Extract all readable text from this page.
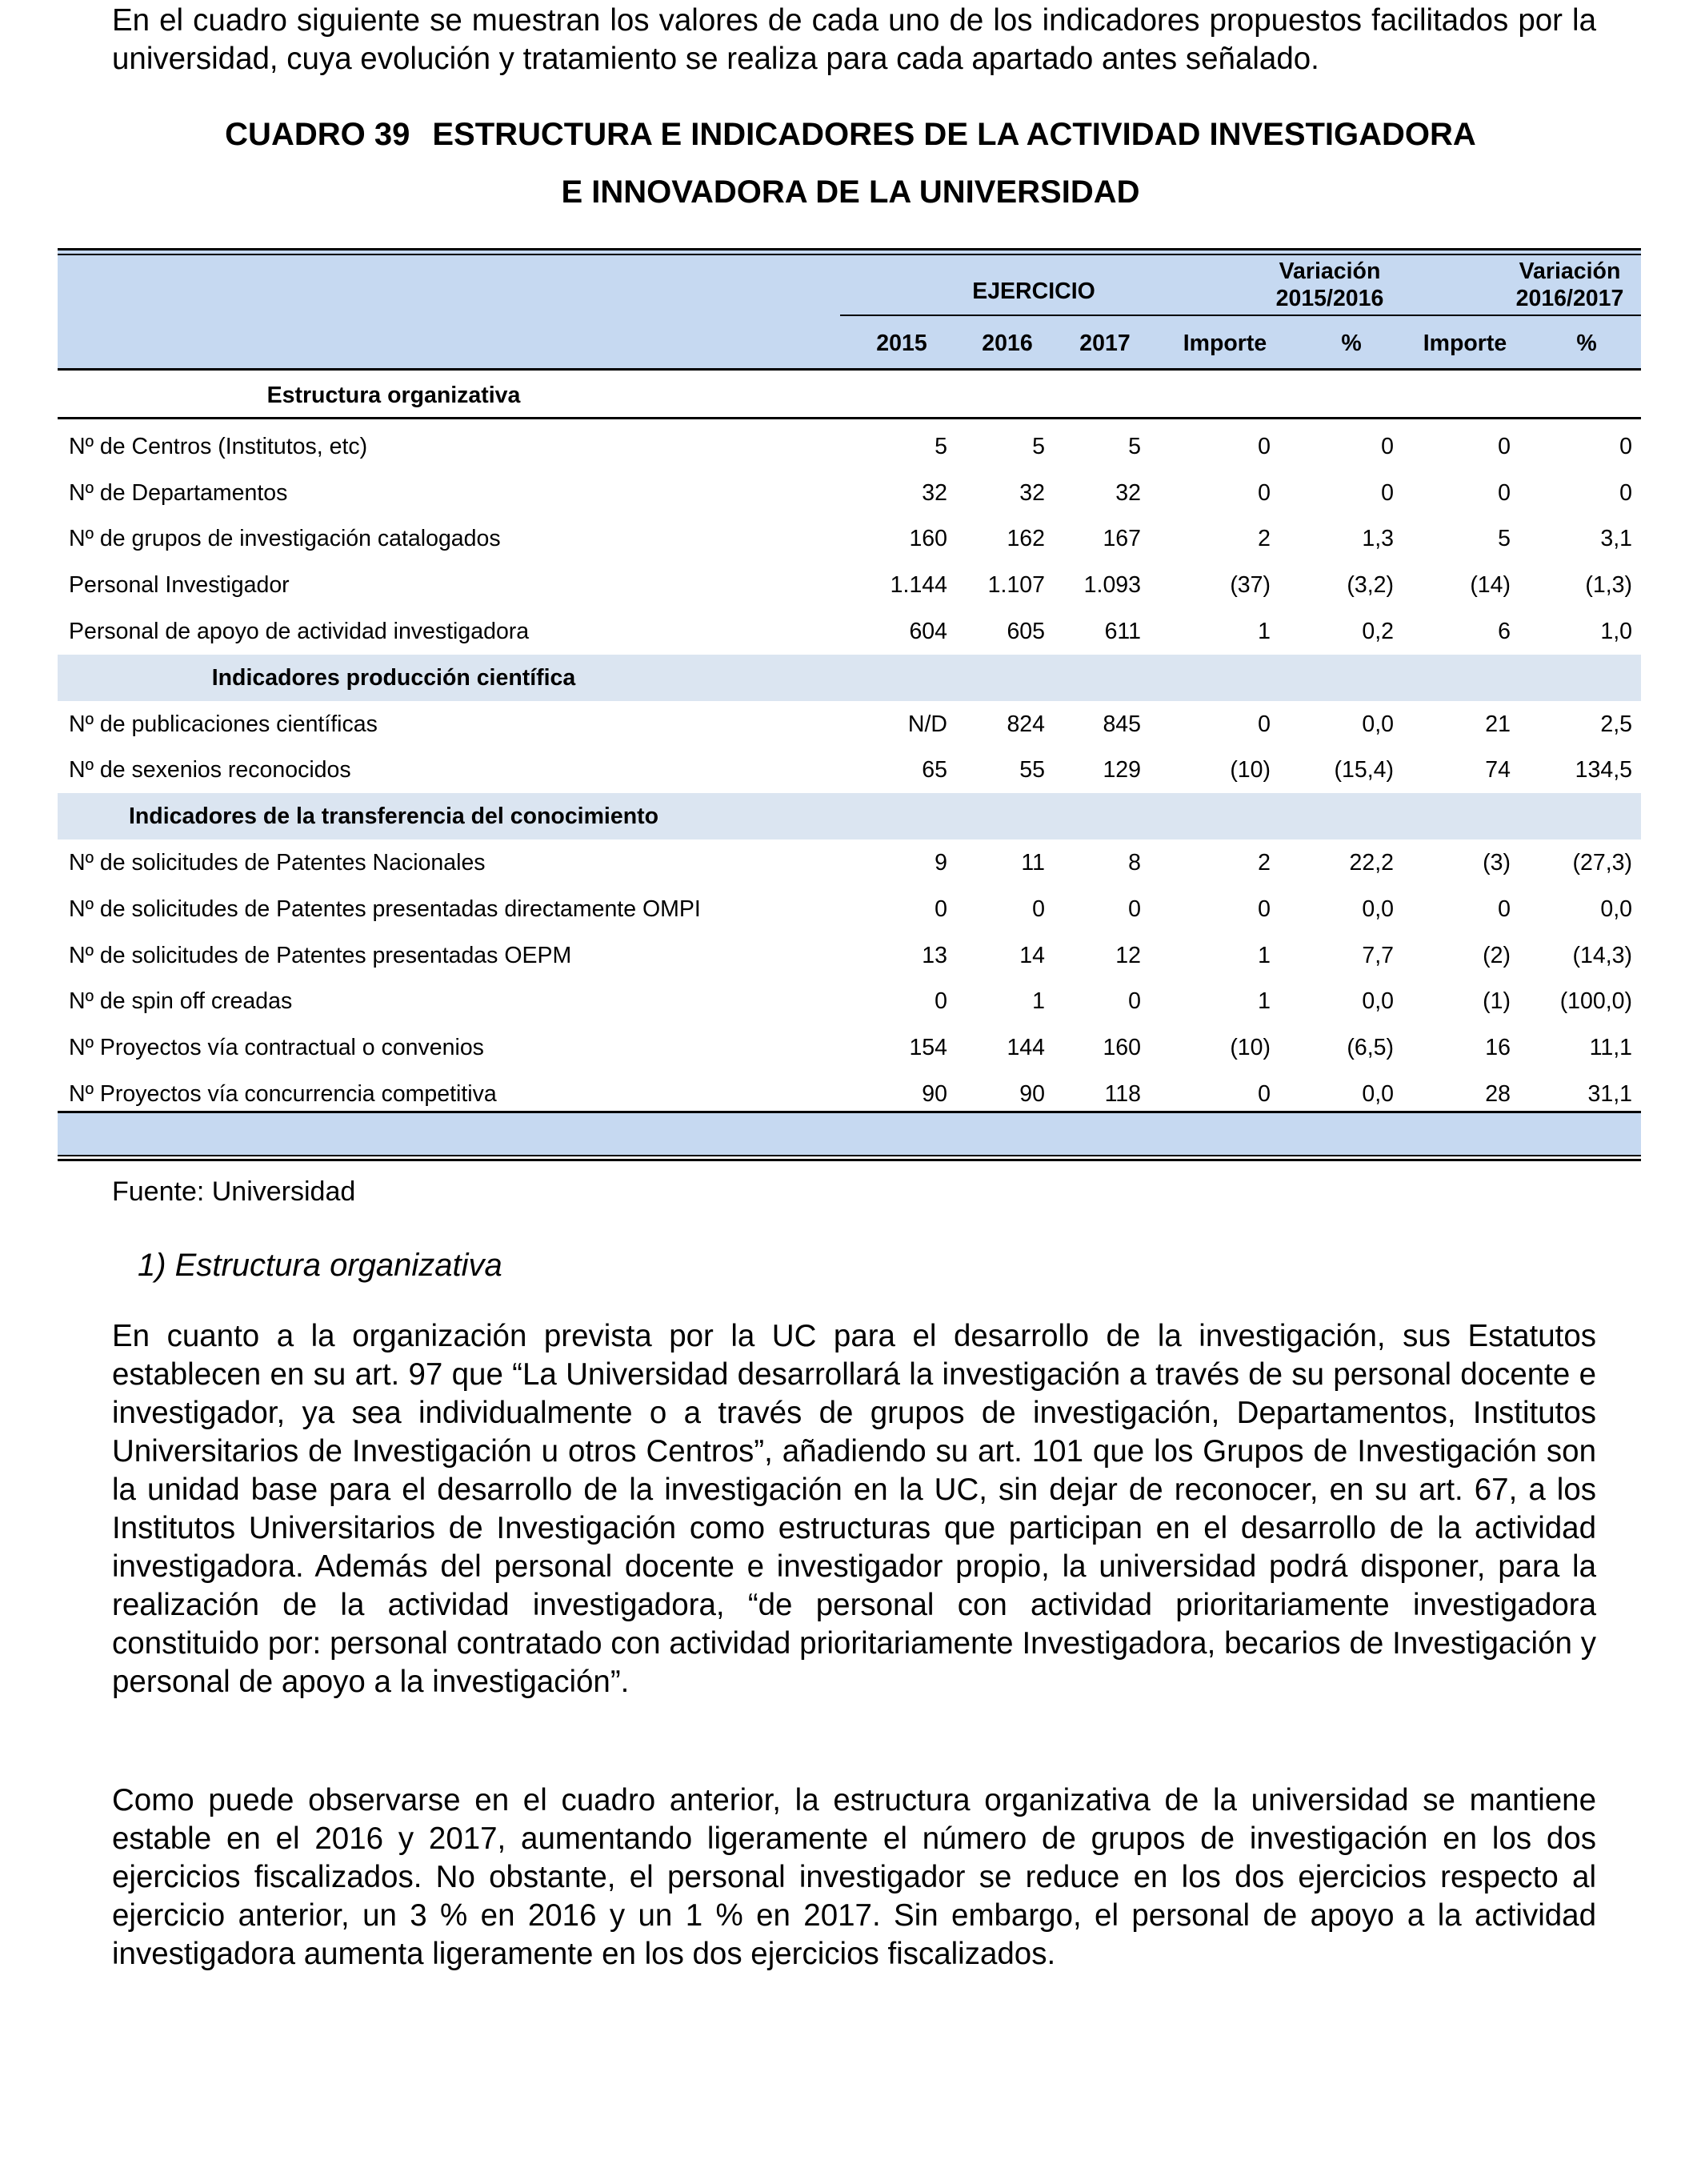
En el cuadro siguiente se muestran los valores de cada uno de los indicadores propuestos facilitados por la universidad, cuya evolución y tratamiento se realiza para cada apartado antes señalado.

CUADRO 39 ESTRUCTURA E INDICADORES DE LA ACTIVIDAD INVESTIGADORA
E INNOVADORA DE LA UNIVERSIDAD
EJERCICIO
Variación
2015/2016
Variación
2016/2017
2015	2016	2017	Importe	%	Importe	%
Estructura organizativa
Nº de Centros (Institutos, etc)	5	5	5	0	0	0	0
Nº de Departamentos	32	32	32	0	0	0	0
Nº de grupos de investigación catalogados	160	162	167	2	1,3	5	3,1
Personal Investigador	1.144	1.107	1.093	(37)	(3,2)	(14)	(1,3)
Personal de apoyo de actividad investigadora	604	605	611	1	0,2	6	1,0
Indicadores producción científica
Nº de publicaciones científicas	N/D	824	845	0	0,0	21	2,5
Nº de sexenios reconocidos	65	55	129	(10)	(15,4)	74	134,5
Indicadores de la transferencia del conocimiento
Nº de solicitudes de Patentes Nacionales	9	11	8	2	22,2	(3)	(27,3)
Nº de solicitudes de Patentes presentadas directamente OMPI	0	0	0	0	0,0	0	0,0
Nº de solicitudes de Patentes presentadas OEPM	13	14	12	1	7,7	(2)	(14,3)
Nº de spin off creadas	0	1	0	1	0,0	(1)	(100,0)
Nº Proyectos vía contractual o convenios	154	144	160	(10)	(6,5)	16	11,1
Nº Proyectos vía concurrencia competitiva	90	90	118	0	0,0	28	31,1
Fuente: Universidad
1) Estructura organizativa

En cuanto a la organización prevista por la UC para el desarrollo de la investigación, sus Estatutos establecen en su art. 97 que “La Universidad desarrollará la investigación a través de su personal docente e investigador, ya sea individualmente o a través de grupos de investigación, Departamentos, Institutos Universitarios de Investigación u otros Centros”, añadiendo su art. 101 que los Grupos de Investigación son la unidad base para el desarrollo de la investigación en la UC, sin dejar de reconocer, en su art. 67, a los Institutos Universitarios de Investigación como estructuras que participan en el desarrollo de la actividad investigadora. Además del personal docente e investigador propio, la universidad podrá disponer, para la realización de la actividad investigadora, “de personal con actividad prioritariamente investigadora constituido por: personal contratado con actividad prioritariamente Investigadora, becarios de Investigación y personal de apoyo a la investigación”.

Como puede observarse en el cuadro anterior, la estructura organizativa de la universidad se mantiene estable en el 2016 y 2017, aumentando ligeramente el número de grupos de investigación en los dos ejercicios fiscalizados. No obstante, el personal investigador se reduce en los dos ejercicios respecto al ejercicio anterior, un 3 % en 2016 y un 1 % en 2017. Sin embargo, el personal de apoyo a la actividad investigadora aumenta ligeramente en los dos ejercicios fiscalizados.
